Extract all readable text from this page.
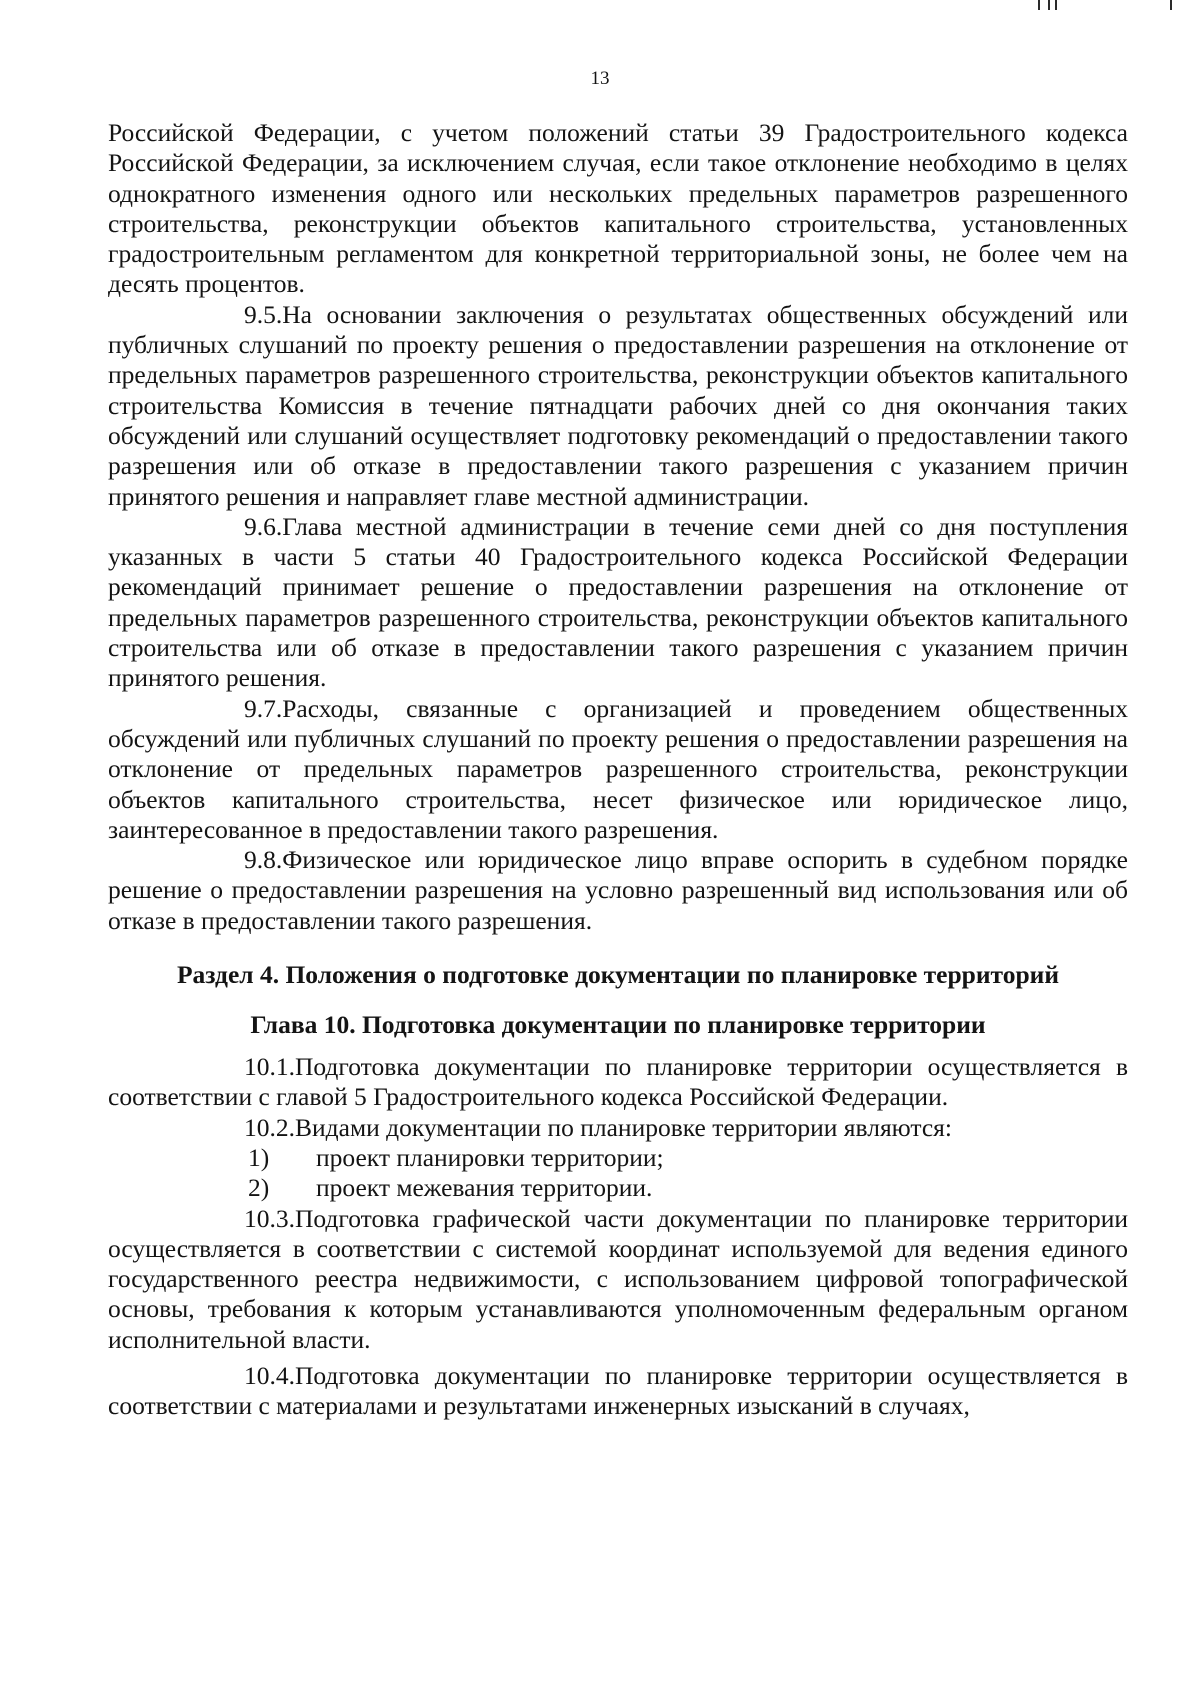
13

Российской Федерации, с учетом положений статьи 39 Градостроительного кодекса Российской Федерации, за исключением случая, если такое отклонение необходимо в целях однократного изменения одного или нескольких предельных параметров разрешенного строительства, реконструкции объектов капитального строительства, установленных градостроительным регламентом для конкретной территориальной зоны, не более чем на десять процентов.

9.5.На основании заключения о результатах общественных обсуждений или публичных слушаний по проекту решения о предоставлении разрешения на отклонение от предельных параметров разрешенного строительства, реконструкции объектов капитального строительства Комиссия в течение пятнадцати рабочих дней со дня окончания таких обсуждений или слушаний осуществляет подготовку рекомендаций о предоставлении такого разрешения или об отказе в предоставлении такого разрешения с указанием причин принятого решения и направляет главе местной администрации.

9.6.Глава местной администрации в течение семи дней со дня поступления указанных в части 5 статьи 40 Градостроительного кодекса Российской Федерации рекомендаций принимает решение о предоставлении разрешения на отклонение от предельных параметров разрешенного строительства, реконструкции объектов капитального строительства или об отказе в предоставлении такого разрешения с указанием причин принятого решения.

9.7.Расходы, связанные с организацией и проведением общественных обсуждений или публичных слушаний по проекту решения о предоставлении разрешения на отклонение от предельных параметров разрешенного строительства, реконструкции объектов капитального строительства, несет физическое или юридическое лицо, заинтересованное в предоставлении такого разрешения.

9.8.Физическое или юридическое лицо вправе оспорить в судебном порядке решение о предоставлении разрешения на условно разрешенный вид использования или об отказе в предоставлении такого разрешения.

Раздел 4. Положения о подготовке документации по планировке территорий
Глава 10. Подготовка документации по планировке территории

10.1.Подготовка документации по планировке территории осуществляется в соответствии с главой 5 Градостроительного кодекса Российской Федерации.

10.2.Видами документации по планировке территории являются:

1)	проект планировки территории;
2)	проект межевания территории.

10.3.Подготовка графической части документации по планировке территории осуществляется в соответствии с системой координат используемой для ведения единого государственного реестра недвижимости, с использованием цифровой топографической основы, требования к которым устанавливаются уполномоченным федеральным органом исполнительной власти.

10.4.Подготовка документации по планировке территории осуществляется в соответствии с материалами и результатами инженерных изысканий в случаях,
